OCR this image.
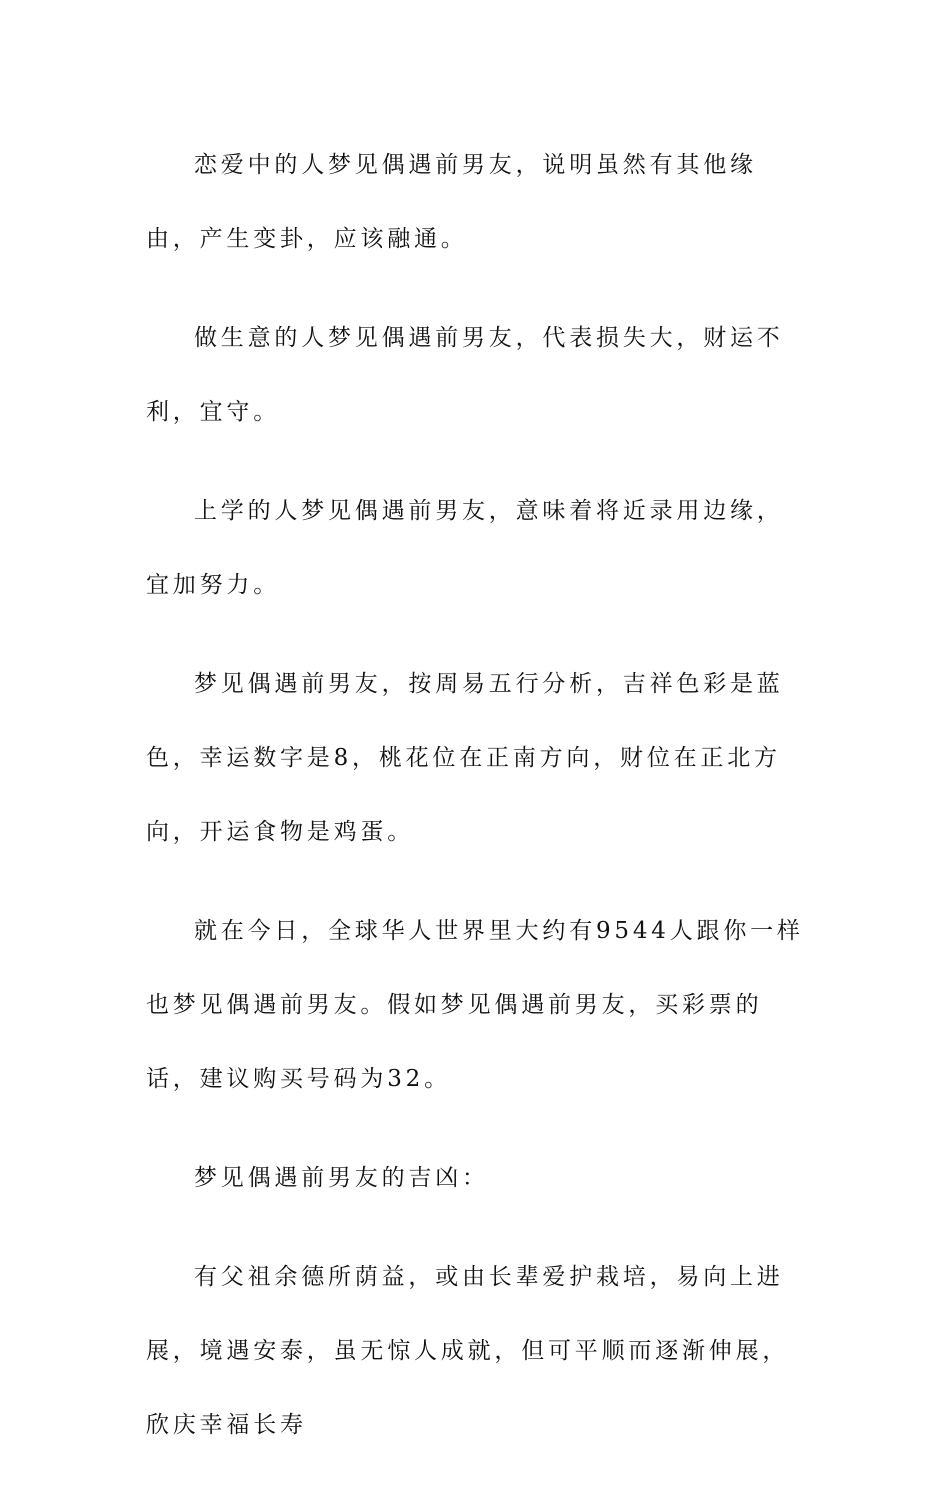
恋爱中的人梦见偶遇前男友，说明虽然有其他缘由，产生变卦，应该融通。

做生意的人梦见偶遇前男友，代表损失大，财运不利，宜守。

上学的人梦见偶遇前男友，意味着将近录用边缘，宜加努力。

梦见偶遇前男友，按周易五行分析，吉祥色彩是蓝色，幸运数字是8，桃花位在正南方向，财位在正北方向，开运食物是鸡蛋。

就在今日，全球华人世界里大约有9544人跟你一样也梦见偶遇前男友。假如梦见偶遇前男友，买彩票的话，建议购买号码为32。

梦见偶遇前男友的吉凶：

有父祖余德所荫益，或由长辈爱护栽培，易向上进展，境遇安泰，虽无惊人成就，但可平顺而逐渐伸展，欣庆幸福长寿
